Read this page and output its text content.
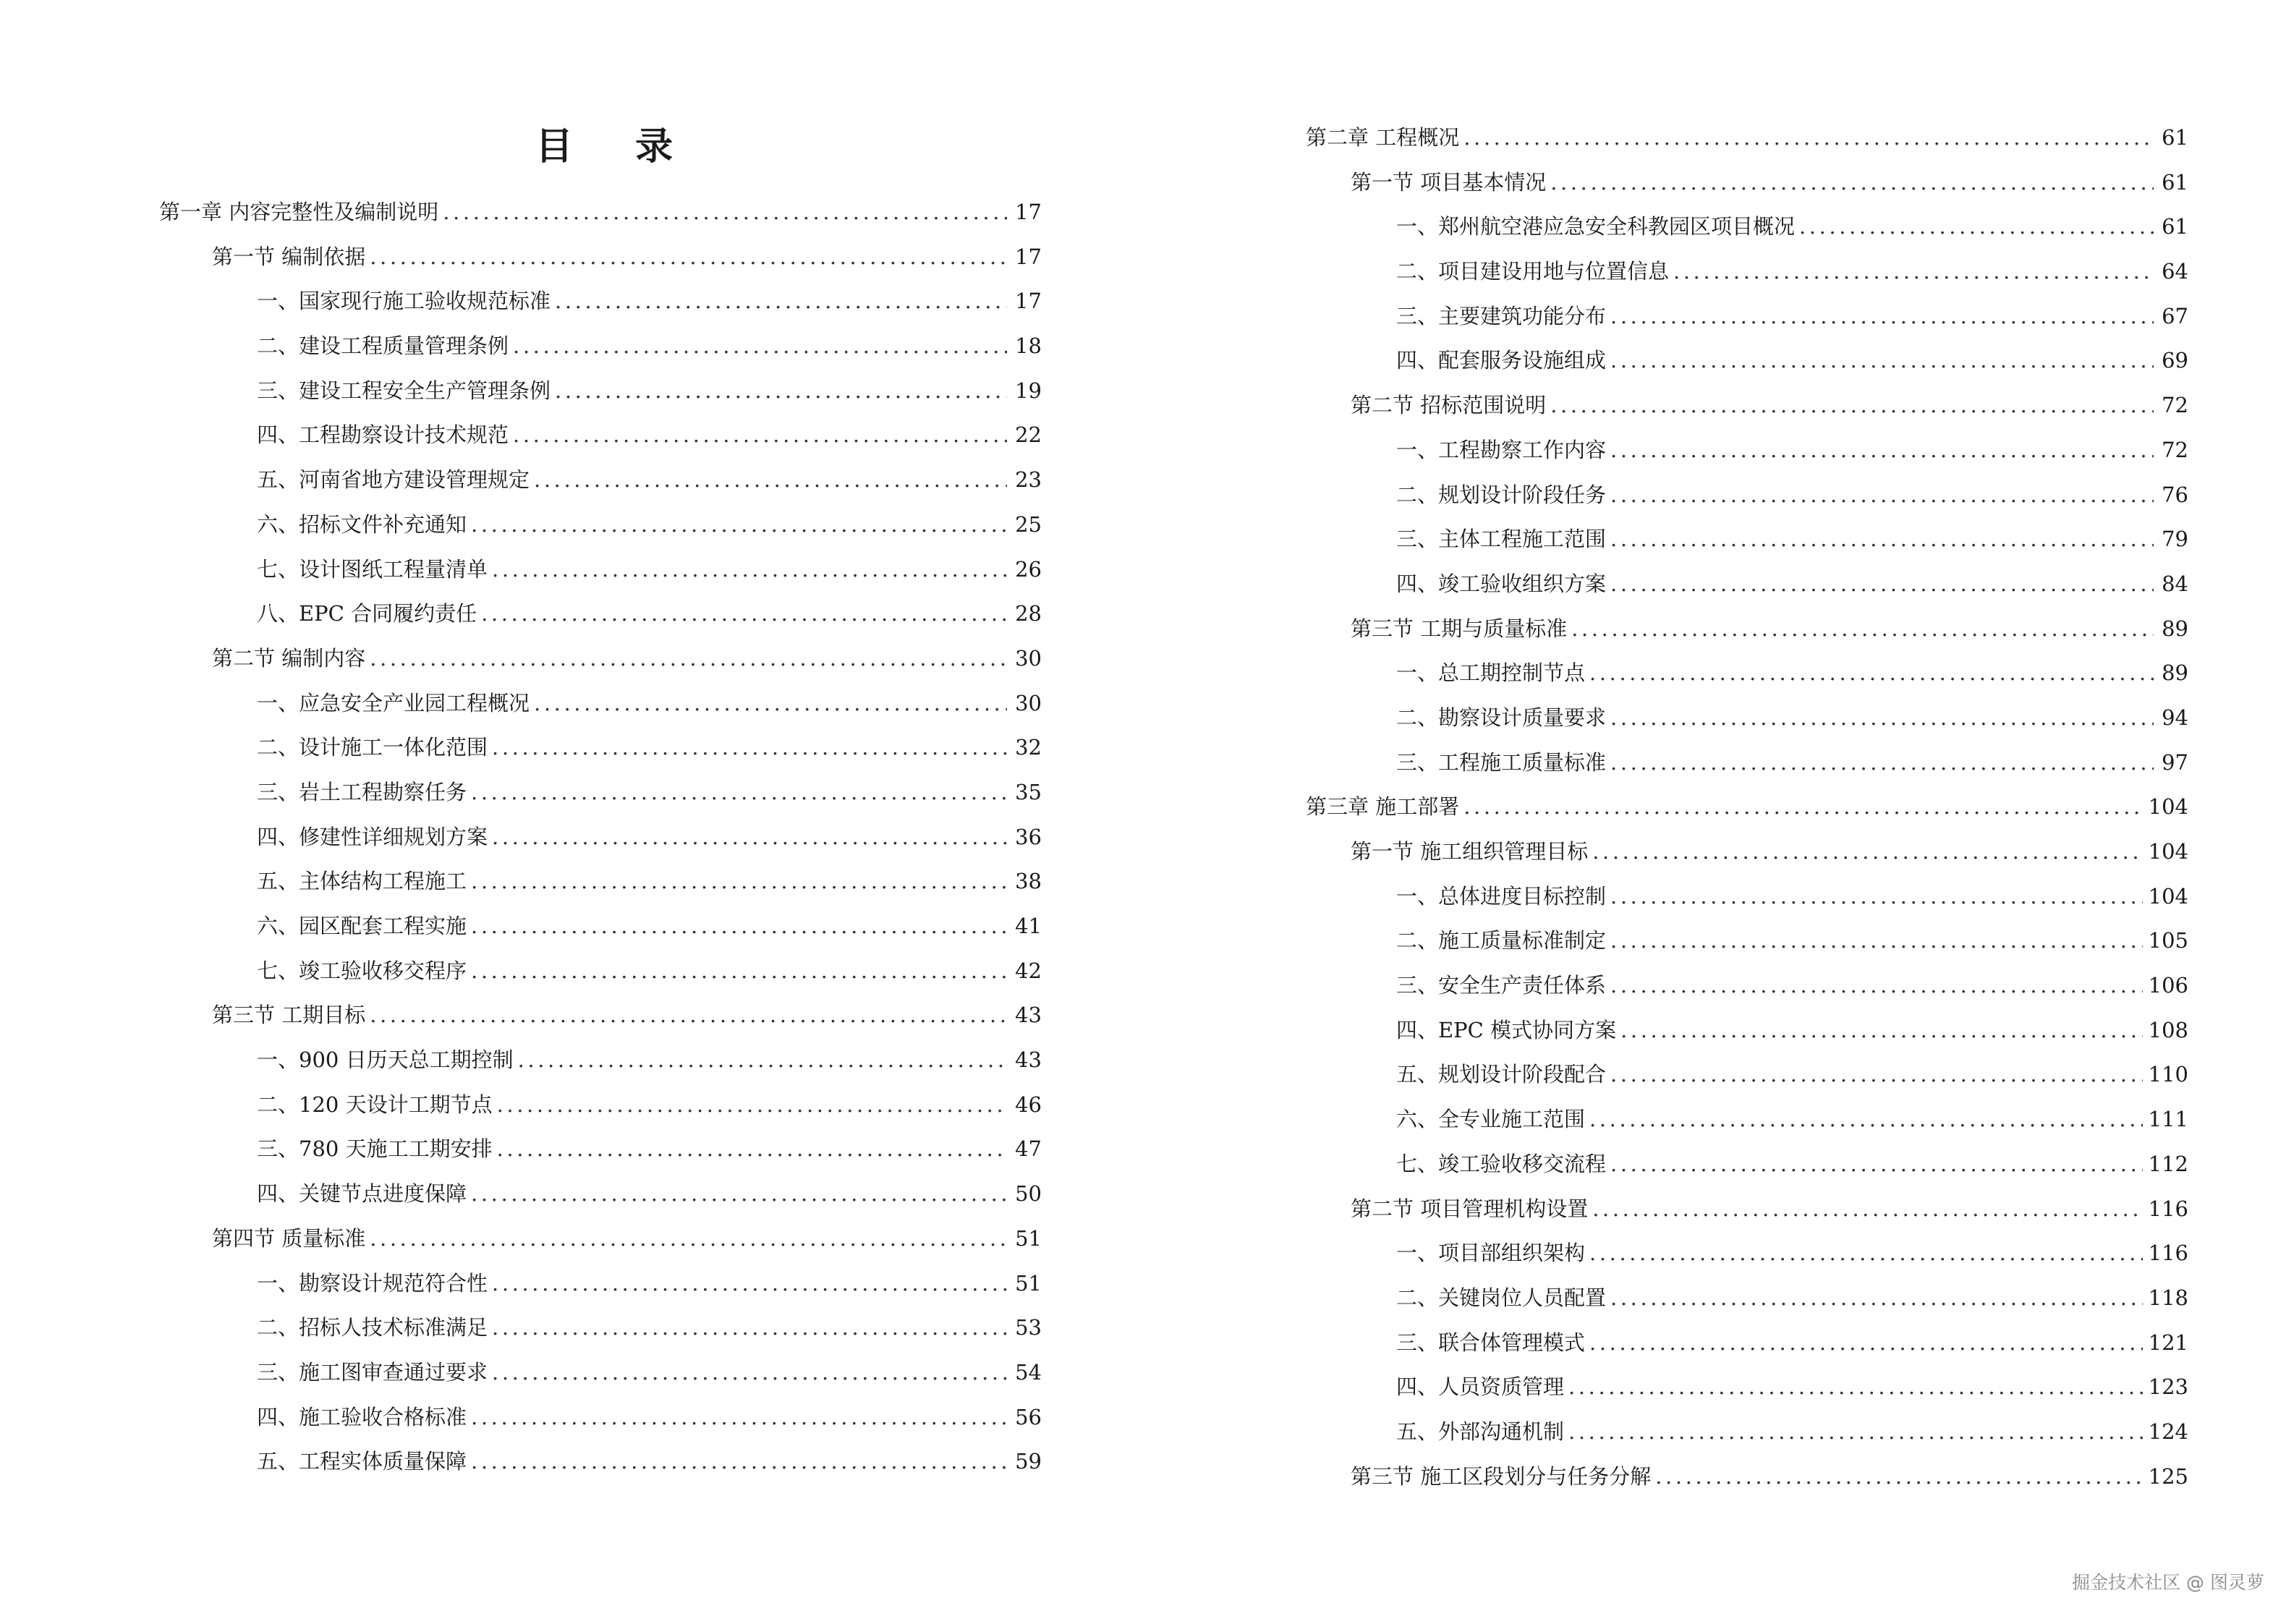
目 录
第一章 内容完整性及编制说明 .....	17
第一节 编制依据 .....	17
一、国家现行施工验收规范标准 .....	17
二、建设工程质量管理条例 .....	18
三、建设工程安全生产管理条例 .....	19
四、工程勘察设计技术规范 .....	22
五、河南省地方建设管理规定 .....	23
六、招标文件补充通知 .....	25
七、设计图纸工程量清单 .....	26
八、EPC 合同履约责任 .....	28
第二节 编制内容 .....	30
一、应急安全产业园工程概况 .....	30
二、设计施工一体化范围 .....	32
三、岩土工程勘察任务 .....	35
四、修建性详细规划方案 .....	36
五、主体结构工程施工 .....	38
六、园区配套工程实施 .....	41
七、竣工验收移交程序 .....	42
第三节 工期目标 .....	43
一、900 日历天总工期控制 .....	43
二、120 天设计工期节点 .....	46
三、780 天施工工期安排 .....	47
四、关键节点进度保障 .....	50
第四节 质量标准 .....	51
一、勘察设计规范符合性 .....	51
二、招标人技术标准满足 .....	53
三、施工图审查通过要求 .....	54
四、施工验收合格标准 .....	56
五、工程实体质量保障 .....	59
第二章 工程概况 .....	61
第一节 项目基本情况 .....	61
一、郑州航空港应急安全科教园区项目概况 .....	61
二、项目建设用地与位置信息 .....	64
三、主要建筑功能分布 .....	67
四、配套服务设施组成 .....	69
第二节 招标范围说明 .....	72
一、工程勘察工作内容 .....	72
二、规划设计阶段任务 .....	76
三、主体工程施工范围 .....	79
四、竣工验收组织方案 .....	84
第三节 工期与质量标准 .....	89
一、总工期控制节点 .....	89
二、勘察设计质量要求 .....	94
三、工程施工质量标准 .....	97
第三章 施工部署 .....	104
第一节 施工组织管理目标 .....	104
一、总体进度目标控制 .....	104
二、施工质量标准制定 .....	105
三、安全生产责任体系 .....	106
四、EPC 模式协同方案 .....	108
五、规划设计阶段配合 .....	110
六、全专业施工范围 .....	111
七、竣工验收移交流程 .....	112
第二节 项目管理机构设置 .....	116
一、项目部组织架构 .....	116
二、关键岗位人员配置 .....	118
三、联合体管理模式 .....	121
四、人员资质管理 .....	123
五、外部沟通机制 .....	124
第三节 施工区段划分与任务分解 .....	125
掘金技术社区 @ 图灵萝
